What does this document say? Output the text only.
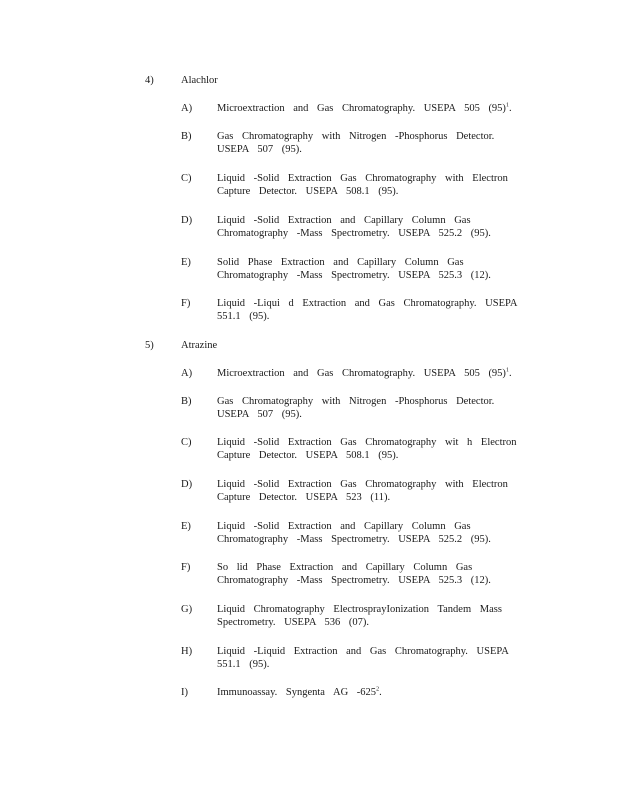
4)	Alachlor
A) Microextraction and Gas Chromatography. USEPA 505 $(95)^1$.
B) Gas Chromatography with Nitrogen -Phosphorus Detector.
USEPA 507 (95).
C) Liquid -Solid Extraction Gas Chromatography with Electron
Capture Detector. USEPA 508.1 (95).
D) Liquid -Solid Extraction and Capillary Column Gas
Chromatography -Mass Spectrometry. USEPA 525.2 (95).
E) Solid Phase Extraction and Capillary Column Gas
Chromatography -Mass Spectrometry. USEPA 525.3 (12).
F)	Liquid -Liqui d Extraction and Gas Chromatography. USEPA
551.1 (95).
5)	Atrazine
A) Microextraction and Gas Chromatography. USEPA 505 $(95)^1$.
B) Gas Chromatography with Nitrogen -Phosphorus Detector.
USEPA 507 (95).
C) Liquid -Solid Extraction Gas Chromatography wit h Electron
Capture Detector. USEPA 508.1 (95).
D) Liquid -Solid Extraction Gas Chromatography with Electron
Capture Detector. USEPA 523 (11).
E) Liquid -Solid Extraction and Capillary Column Gas
Chromatography -Mass Spectrometry. USEPA 525.2 (95).
F)	So lid Phase Extraction and Capillary Column Gas
Chromatography -Mass Spectrometry. USEPA 525.3 (12).
G) Liquid Chromatography ElectrosprayIonization Tandem Mass
Spectrometry. USEPA 536 (07).
H) Liquid -Liquid Extraction and Gas Chromatography. USEPA
551.1 (95).
I)	Immunoassay. Syngenta AG $-625^2$.
